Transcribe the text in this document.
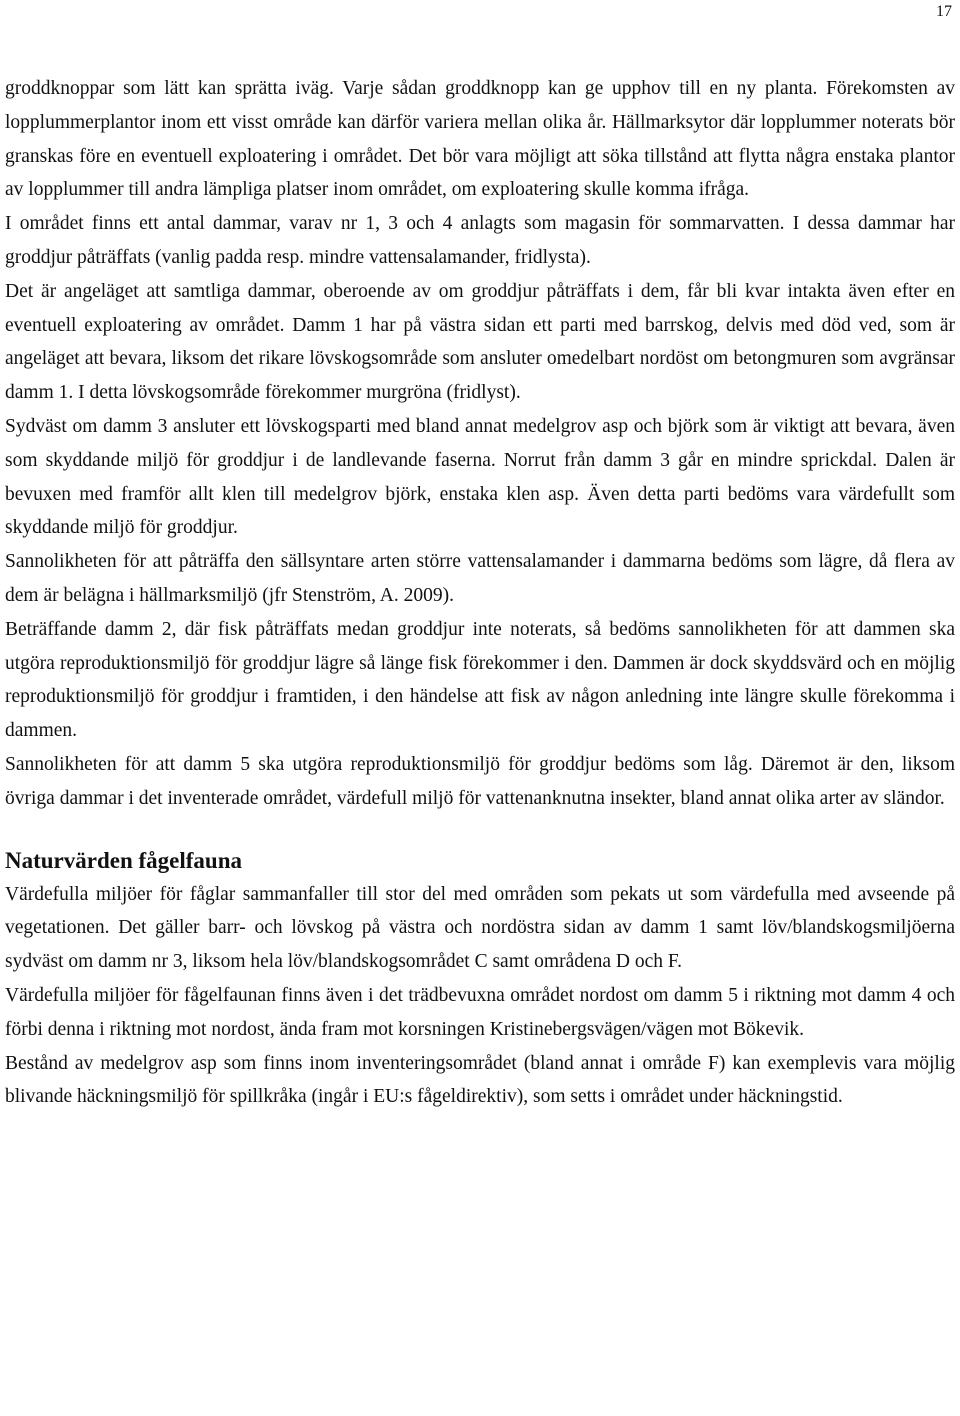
17

groddknoppar som lätt kan sprätta iväg. Varje sådan groddknopp kan ge upphov till en ny planta. Förekomsten av lopplummerplantor inom ett visst område kan därför variera mellan olika år. Hällmarksytor där lopplummer noterats bör granskas före en eventuell exploatering i området. Det bör vara möjligt att söka tillstånd att flytta några enstaka plantor av lopplummer till andra lämpliga platser inom området, om exploatering skulle komma ifråga.

I området finns ett antal dammar, varav nr 1, 3 och 4 anlagts som magasin för sommarvatten. I dessa dammar har groddjur påträffats (vanlig padda resp. mindre vattensalamander, fridlysta).

Det är angeläget att samtliga dammar, oberoende av om groddjur påträffats i dem, får bli kvar intakta även efter en eventuell exploatering av området. Damm 1 har på västra sidan ett parti med barrskog, delvis med död ved, som är angeläget att bevara, liksom det rikare lövskogsområde som ansluter omedelbart nordöst om betongmuren som avgränsar damm 1. I detta lövskogsområde förekommer murgröna (fridlyst).

Sydväst om damm 3 ansluter ett lövskogsparti med bland annat medelgrov asp och björk som är viktigt att bevara, även som skyddande miljö för groddjur i de landlevande faserna. Norrut från damm 3 går en mindre sprickdal. Dalen är bevuxen med framför allt klen till medelgrov björk, enstaka klen asp. Även detta parti bedöms vara värdefullt som skyddande miljö för groddjur.

Sannolikheten för att påträffa den sällsyntare arten större vattensalamander i dammarna bedöms som lägre, då flera av dem är belägna i hällmarksmiljö (jfr Stenström, A. 2009).

Beträffande damm 2, där fisk påträffats medan groddjur inte noterats, så bedöms sannolikheten för att dammen ska utgöra reproduktionsmiljö för groddjur lägre så länge fisk förekommer i den. Dammen är dock skyddsvärd och en möjlig reproduktionsmiljö för groddjur i framtiden, i den händelse att fisk av någon anledning inte längre skulle förekomma i dammen.

Sannolikheten för att damm 5 ska utgöra reproduktionsmiljö för groddjur bedöms som låg. Däremot är den, liksom övriga dammar i det inventerade området, värdefull miljö för vattenanknutna insekter, bland annat olika arter av sländor.

Naturvärden fågelfauna

Värdefulla miljöer för fåglar sammanfaller till stor del med områden som pekats ut som värdefulla med avseende på vegetationen. Det gäller barr- och lövskog på västra och nordöstra sidan av damm 1 samt löv/blandskogsmiljöerna sydväst om damm nr 3, liksom hela löv/blandskogsområdet C samt områdena D och F.

Värdefulla miljöer för fågelfaunan finns även i det trädbevuxna området nordost om damm 5 i riktning mot damm 4 och förbi denna i riktning mot nordost, ända fram mot korsningen Kristinebergsvägen/vägen mot Bökevik.

Bestånd av medelgrov asp som finns inom inventeringsområdet (bland annat i område F) kan exemplevis vara möjlig blivande häckningsmiljö för spillkråka (ingår i EU:s fågeldirektiv), som setts i området under häckningstid.
